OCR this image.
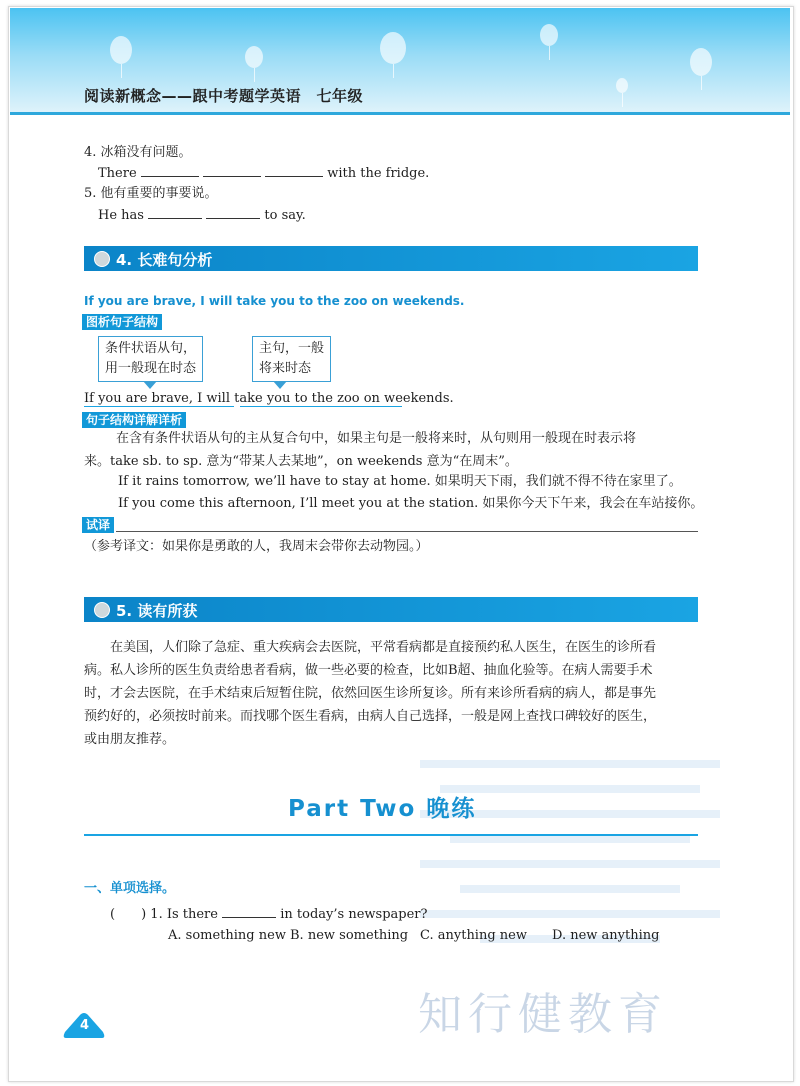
阅读新概念——跟中考题学英语　七年级
4. 冰箱没有问题。
There	with the fridge.
5. 他有重要的事要说。
He has	to say.
4. 长难句分析
If you are brave, I will take you to the zoo on weekends.
图析句子结构
条件状语从句，
用一般现在时态
主句，一般
将来时态
If you are brave, I will take you to the zoo on weekends.
句子结构详解详析
在含有条件状语从句的主从复合句中，如果主句是一般将来时，从句则用一般现在时表示将
来。take sb. to sp. 意为“带某人去某地”，on weekends 意为“在周末”。
If it rains tomorrow, we’ll have to stay at home. 如果明天下雨，我们就不得不待在家里了。
If you come this afternoon, I’ll meet you at the station. 如果你今天下午来，我会在车站接你。
试译
（参考译文：如果你是勇敢的人，我周末会带你去动物园。）
5. 读有所获
在美国，人们除了急症、重大疾病会去医院，平常看病都是直接预约私人医生，在医生的诊所看
病。私人诊所的医生负责给患者看病，做一些必要的检查，比如B超、抽血化验等。在病人需要手术
时，才会去医院，在手术结束后短暂住院，依然回医生诊所复诊。所有来诊所看病的病人，都是事先
预约好的，必须按时前来。而找哪个医生看病，由病人自己选择，一般是网上查找口碑较好的医生，
或由朋友推荐。
Part Two 晚练
一、单项选择。
(　　) 1. Is there	in today’s newspaper?
A. something new B. new something C. anything new D. new anything
知行健教育
4
